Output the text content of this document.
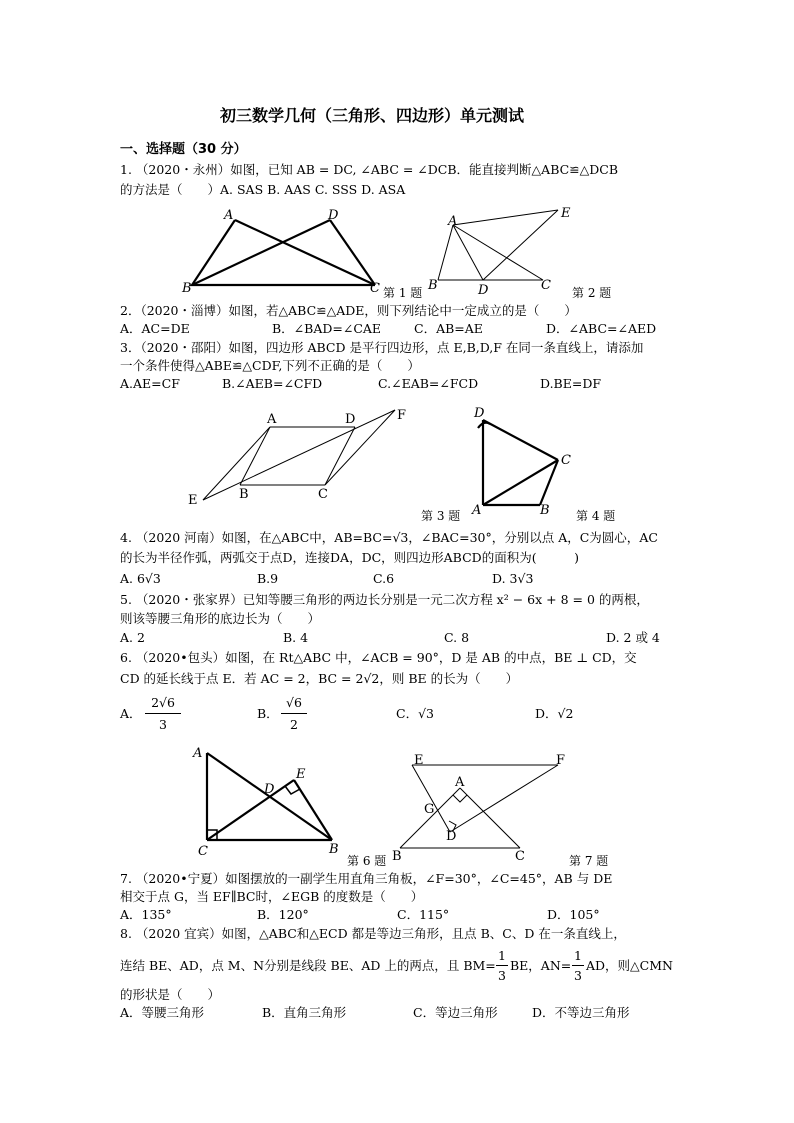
初三数学几何（三角形、四边形）单元测试
一、选择题（30 分）
1. （2020・永州）如图，已知 AB = DC, ∠ABC = ∠DCB．能直接判断△ABC≌△DCB
的方法是（　　）A. SAS B. AAS C. SSS D. ASA
A	D
B	C
A
E
B	D	C
第 1 题	第 2 题
2．（2020・淄博）如图，若△ABC≌△ADE，则下列结论中一定成立的是（　　）
A．AC=DE	B．∠BAD=∠CAE	C．AB=AE	D．∠ABC=∠AED
3．（2020・邵阳）如图，四边形 ABCD 是平行四边形，点 E,B,D,F 在同一条直线上，请添加
一个条件使得△ABE≌△CDF,下列不正确的是（　　）
A.AE=CF	B.∠AEB=∠CFD	C.∠EAB=∠FCD	D.BE=DF
A	D	F
E	B	C
D
C
A	B
第 3 题	第 4 题
4. （2020 河南）如图，在△ABC中，AB=BC=√3，∠BAC=30°，分别以点 A，C为圆心，AC
的长为半径作弧，两弧交于点D，连接DA，DC，则四边形ABCD的面积为(　　　)
A. 6√3	B.9	C.6	D. 3√3
5. （2020・张家界）已知等腰三角形的两边长分别是一元二次方程 x² − 6x + 8 = 0 的两根，
则该等腰三角形的底边长为（　　）
A. 2	B. 4	C. 8	D. 2 或 4
6. （2020•包头）如图，在 Rt△ABC 中，∠ACB = 90°，D 是 AB 的中点，BE ⊥ CD，交
CD 的延长线于点 E．若 AC = 2，BC = 2√2，则 BE 的长为（　　）
A．
2√6
3
B．
√6
2
C．√3	D．√2
A
E
D
C	B
E	F
A
G
D
B	C
第 6 题	第 7 题
7. （2020•宁夏）如图摆放的一副学生用直角三角板，∠F=30°，∠C=45°，AB 与 DE
相交于点 G，当 EF∥BC时，∠EGB 的度数是（　　）
A．135°	B．120°	C．115°	D．105°
8. （2020 宜宾）如图，△ABC和△ECD 都是等边三角形，且点 B、C、D 在一条直线上，
连结 BE、AD，点 M、N分别是线段 BE、AD 上的两点，且 BM=
1
3
BE，AN=
1
3
AD，则△CMN
的形状是（　　）
A．等腰三角形	B．直角三角形	C．等边三角形	D．不等边三角形
